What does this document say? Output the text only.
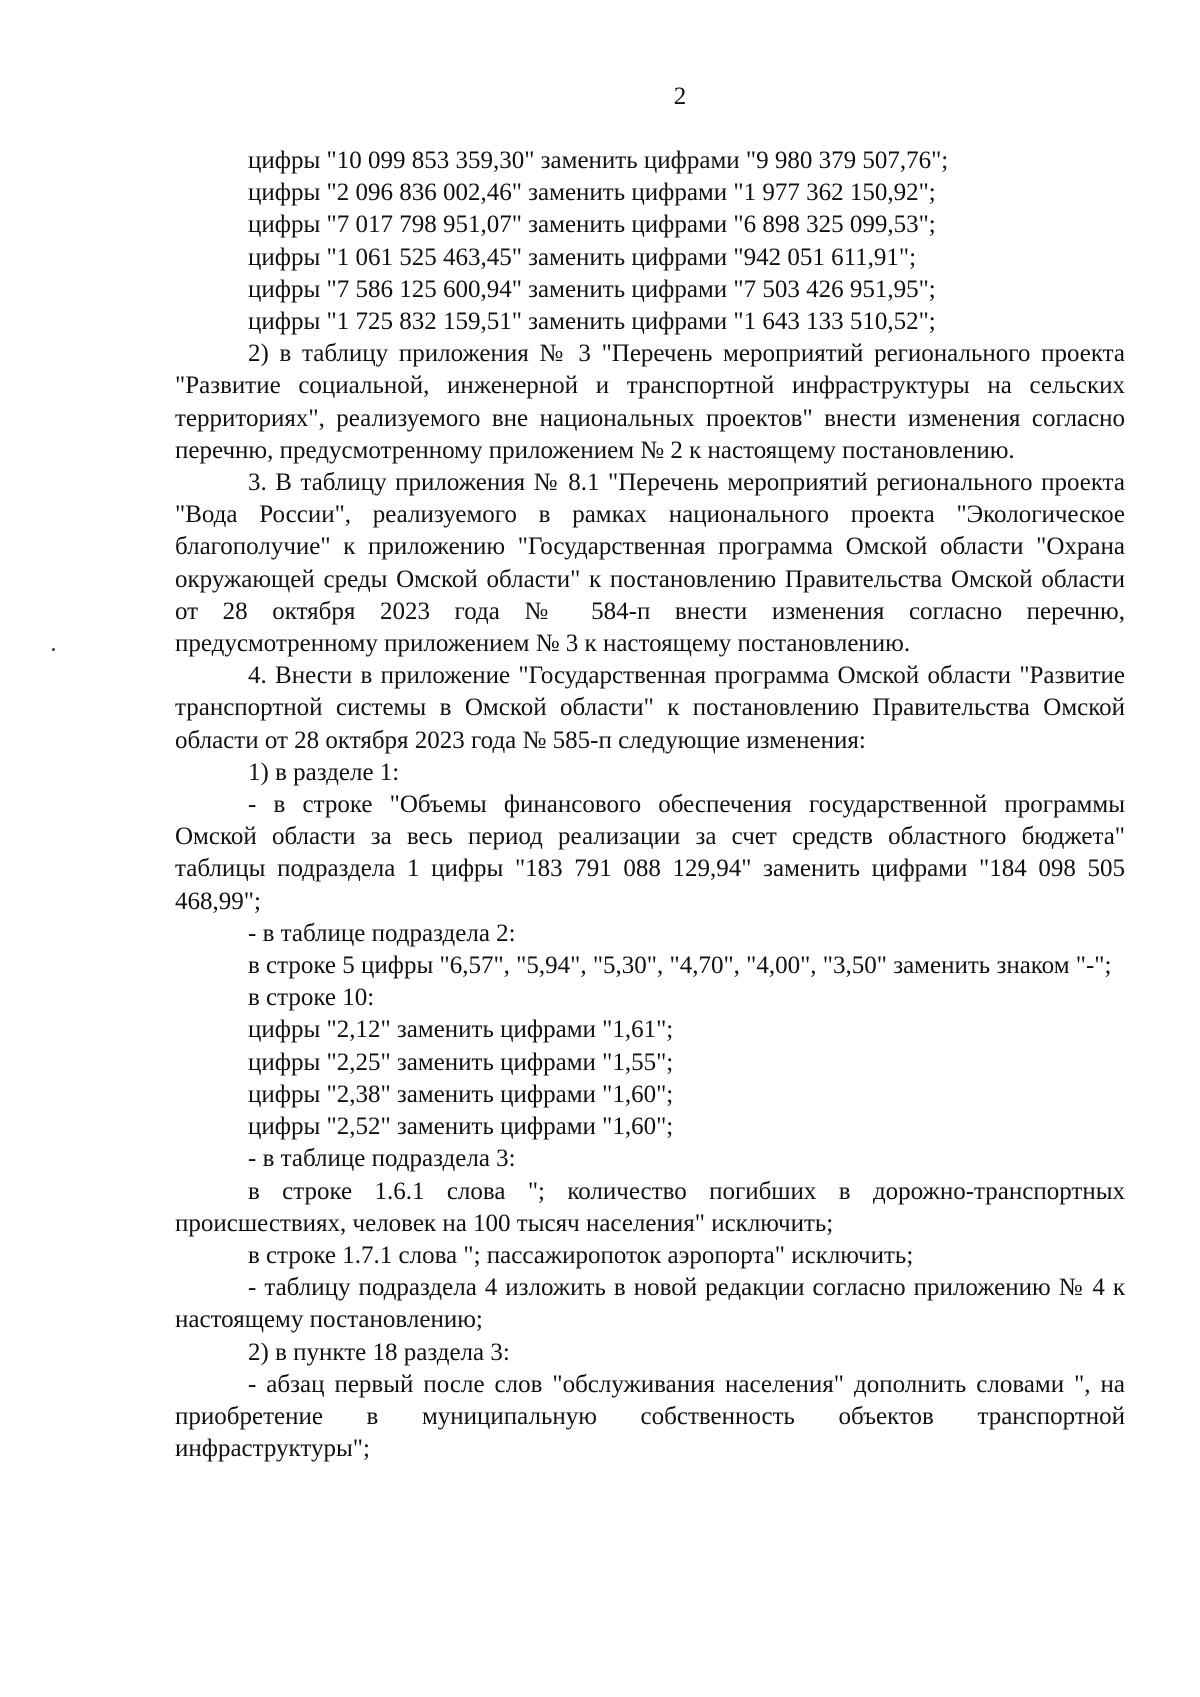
2

цифры "10 099 853 359,30" заменить цифрами "9 980 379 507,76";

цифры "2 096 836 002,46" заменить цифрами "1 977 362 150,92";

цифры "7 017 798 951,07" заменить цифрами "6 898 325 099,53";

цифры "1 061 525 463,45" заменить цифрами "942 051 611,91";

цифры "7 586 125 600,94" заменить цифрами "7 503 426 951,95";

цифры "1 725 832 159,51" заменить цифрами "1 643 133 510,52";

2) в таблицу приложения № 3 "Перечень мероприятий регионального проекта "Развитие социальной, инженерной и транспортной инфраструктуры на сельских территориях", реализуемого вне национальных проектов" внести изменения согласно перечню, предусмотренному приложением № 2 к настоящему постановлению.

3. В таблицу приложения № 8.1 "Перечень мероприятий регионального проекта "Вода России", реализуемого в рамках национального проекта "Экологическое благополучие" к приложению "Государственная программа Омской области "Охрана окружающей среды Омской области" к постановлению Правительства Омской области от 28 октября 2023 года № 584-п внести изменения согласно перечню, предусмотренному приложением № 3 к настоящему постановлению.

4. Внести в приложение "Государственная программа Омской области "Развитие транспортной системы в Омской области" к постановлению Правительства Омской области от 28 октября 2023 года № 585-п следующие изменения:

1) в разделе 1:

- в строке "Объемы финансового обеспечения государственной программы Омской области за весь период реализации за счет средств областного бюджета" таблицы подраздела 1 цифры "183 791 088 129,94" заменить цифрами "184 098 505 468,99";

- в таблице подраздела 2:

в строке 5 цифры "6,57", "5,94", "5,30", "4,70", "4,00", "3,50" заменить знаком "-";

в строке 10:

цифры "2,12" заменить цифрами "1,61";

цифры "2,25" заменить цифрами "1,55";

цифры "2,38" заменить цифрами "1,60";

цифры "2,52" заменить цифрами "1,60";

- в таблице подраздела 3:

в строке 1.6.1 слова "; количество погибших в дорожно-транспортных происшествиях, человек на 100 тысяч населения" исключить;

в строке 1.7.1 слова "; пассажиропоток аэропорта" исключить;

- таблицу подраздела 4 изложить в новой редакции согласно приложению № 4 к настоящему постановлению;

2) в пункте 18 раздела 3:

- абзац первый после слов "обслуживания населения" дополнить словами ", на приобретение в муниципальную собственность объектов транспортной инфраструктуры";
